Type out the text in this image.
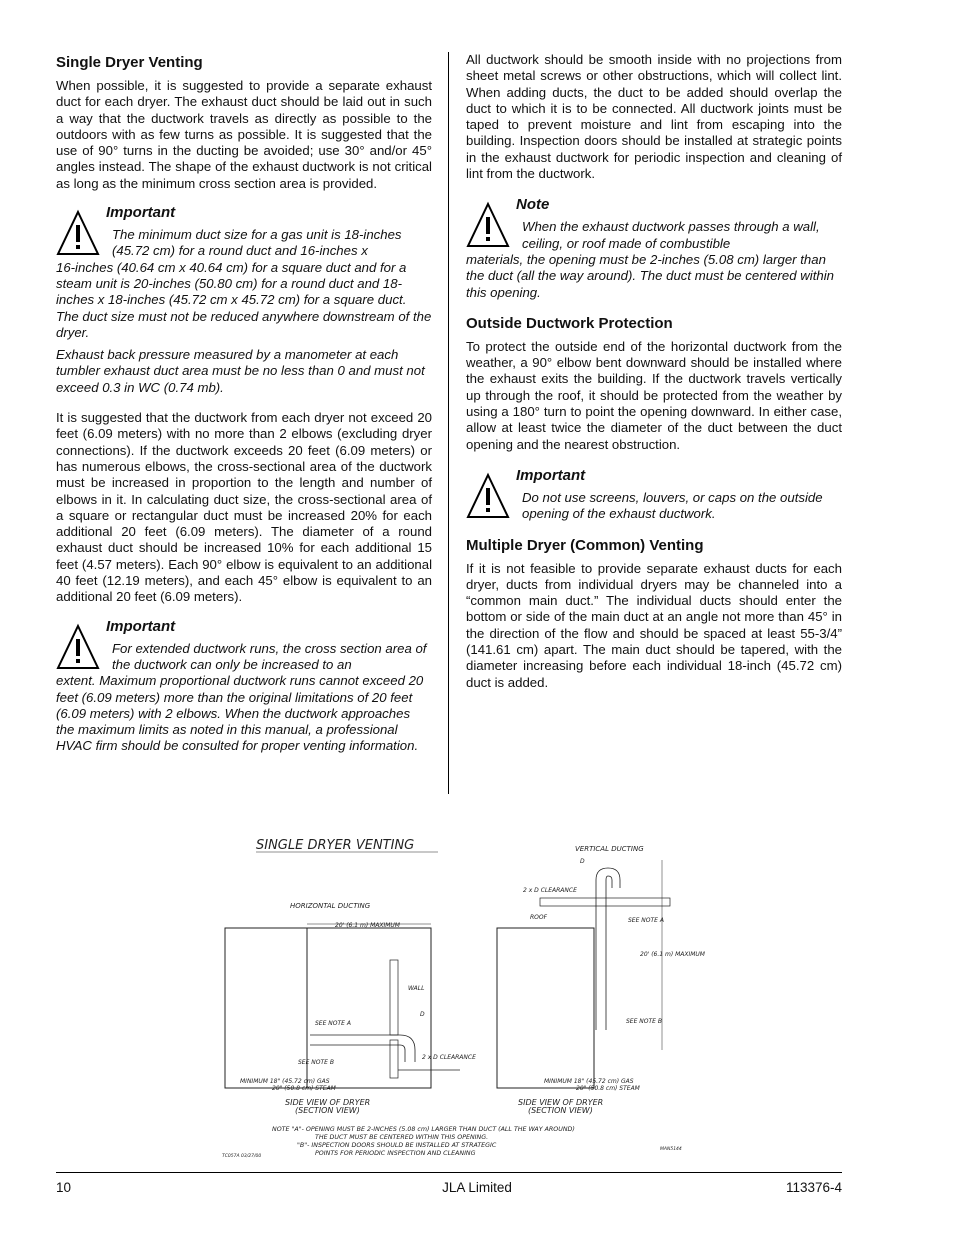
Single Dryer Venting

When possible, it is suggested to provide a separate exhaust duct for each dryer. The exhaust duct should be laid out in such a way that the ductwork travels as directly as possible to the outdoors with as few turns as possible. It is suggested that the use of 90° turns in the ducting be avoided; use 30° and/or 45° angles instead. The shape of the exhaust ductwork is not critical as long as the minimum cross section area is provided.

Important
The minimum duct size for a gas unit is 18-inches (45.72 cm) for a round duct and 16-inches x
16-inches (40.64 cm x 40.64 cm) for a square duct and for a steam unit is 20-inches (50.80 cm) for a round duct and 18-inches x 18-inches (45.72 cm x 45.72 cm) for a square duct. The duct size must not be reduced anywhere downstream of the dryer.
Exhaust back pressure measured by a manometer at each tumbler exhaust duct area must be no less than 0 and must not exceed 0.3 in WC (0.74 mb).

It is suggested that the ductwork from each dryer not exceed 20 feet (6.09 meters) with no more than 2 elbows (excluding dryer connections). If the ductwork exceeds 20 feet (6.09 meters) or has numerous elbows, the cross-sectional area of the ductwork must be increased in proportion to the length and number of elbows in it. In calculating duct size, the cross-sectional area of a square or rectangular duct must be increased 20% for each additional 20 feet (6.09 meters). The diameter of a round exhaust duct should be increased 10% for each additional 15 feet (4.57 meters). Each 90° elbow is equivalent to an additional 40 feet (12.19 meters), and each 45° elbow is equivalent to an additional 20 feet (6.09 meters).

Important
For extended ductwork runs, the cross section area of the ductwork can only be increased to an
extent. Maximum proportional ductwork runs cannot exceed 20 feet (6.09 meters) more than the original limitations of 20 feet (6.09 meters) with 2 elbows. When the ductwork approaches the maximum limits as noted in this manual, a professional HVAC firm should be consulted for proper venting information.

All ductwork should be smooth inside with no projections from sheet metal screws or other obstructions, which will collect lint. When adding ducts, the duct to be added should overlap the duct to which it is to be connected. All ductwork joints must be taped to prevent moisture and lint from escaping into the building. Inspection doors should be installed at strategic points in the exhaust ductwork for periodic inspection and cleaning of lint from the ductwork.

Note
When the exhaust ductwork passes through a wall, ceiling, or roof made of combustible
materials, the opening must be 2-inches (5.08 cm) larger than the duct (all the way around). The duct must be centered within this opening.
Outside Ductwork Protection

To protect the outside end of the horizontal ductwork from the weather, a 90° elbow bent downward should be installed where the exhaust exits the building. If the ductwork travels vertically up through the roof, it should be protected from the weather by using a 180° turn to point the opening downward. In either case, allow at least twice the diameter of the duct between the duct opening and the nearest obstruction.

Important
Do not use screens, louvers, or caps on the outside opening of the exhaust ductwork.
Multiple Dryer (Common) Venting

If it is not feasible to provide separate exhaust ducts for each dryer, ducts from individual dryers may be channeled into a “common main duct.” The individual ducts should enter the bottom or side of the main duct at an angle not more than 45° in the direction of the flow and should be spaced at least 55-3/4” (141.61 cm) apart. The main duct should be tapered, with the diameter increasing before each individual 18-inch (45.72 cm) duct is added.

SINGLE DRYER VENTING
HORIZONTAL DUCTING
20' (6.1 m) MAXIMUM
WALL
D
SEE NOTE A
SEE NOTE B
2 x D CLEARANCE
MINIMUM 18" (45.72 cm) GAS
20" (50.8 cm) STEAM
SIDE VIEW OF DRYER
(SECTION VIEW)
VERTICAL DUCTING
D
2 x D CLEARANCE
ROOF	SEE NOTE A
20' (6.1 m) MAXIMUM
SEE NOTE B
MINIMUM 18" (45.72 cm) GAS
20" (50.8 cm) STEAM
SIDE VIEW OF DRYER
(SECTION VIEW)
NOTE "A"- OPENING MUST BE 2-INCHES (5.08 cm) LARGER THAN DUCT (ALL THE WAY AROUND)
THE DUCT MUST BE CENTERED WITHIN THIS OPENING.
"B"- INSPECTION DOORS SHOULD BE INSTALLED AT STRATEGIC
POINTS FOR PERIODIC INSPECTION AND CLEANING
TC057A 03/27/00
MAN5144
10	JLA Limited	113376-4
